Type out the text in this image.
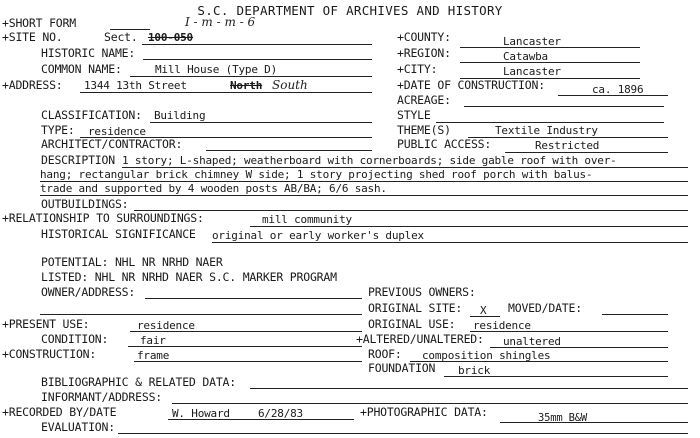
S.C. DEPARTMENT OF ARCHIVES AND HISTORY
+SHORT FORM	I - m - m - 6
+SITE NO.	Sect. 100-050	+COUNTY:	Lancaster
HISTORIC NAME:	+REGION:	Catawba
COMMON NAME:	Mill House (Type D)	+CITY:	Lancaster
+ADDRESS: 1344 13th Street	North South	+DATE OF CONSTRUCTION:	ca. 1896
ACREAGE:
CLASSIFICATION: Building	STYLE
TYPE: residence	THEME(S)	Textile Industry
ARCHITECT/CONTRACTOR:	PUBLIC ACCESS:	Restricted
DESCRIPTION 1 story; L-shaped; weatherboard with cornerboards; side gable roof with over-
hang; rectangular brick chimney W side; 1 story projecting shed roof porch with balus-
trade and supported by 4 wooden posts AB/BA; 6/6 sash.
OUTBUILDINGS:
+RELATIONSHIP TO SURROUNDINGS:	mill community
HISTORICAL SIGNIFICANCE original or early worker's duplex
POTENTIAL: NHL NR NRHD NAER
LISTED: NHL NR NRHD NAER S.C. MARKER PROGRAM
OWNER/ADDRESS:	PREVIOUS OWNERS:
ORIGINAL SITE: X MOVED/DATE:
+PRESENT USE:	residence	ORIGINAL USE: residence
CONDITION:	fair	+ALTERED/UNALTERED: unaltered
+CONSTRUCTION:	frame	ROOF: composition shingles
FOUNDATION brick
BIBLIOGRAPHIC & RELATED DATA:
INFORMANT/ADDRESS:
+RECORDED BY/DATE	W. Howard	6/28/83	+PHOTOGRAPHIC DATA:	35mm B&W
EVALUATION:
